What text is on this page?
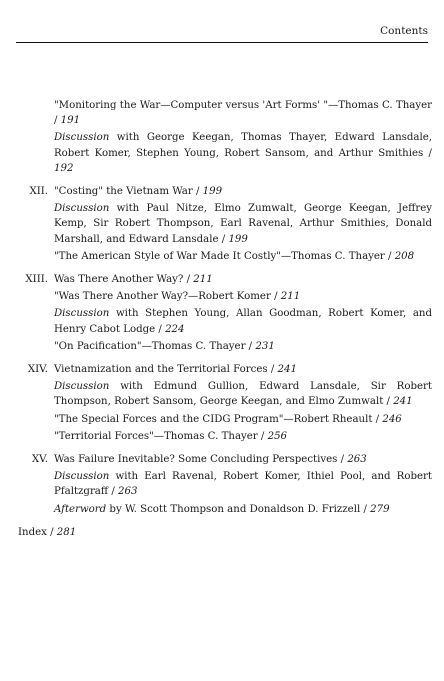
Contents

"Monitoring the War—Computer versus 'Art Forms' "—Thomas C. Thayer / 191

Discussion with George Keegan, Thomas Thayer, Edward Lansdale, Robert Komer, Stephen Young, Robert Sansom, and Arthur Smithies / 192

XII. "Costing" the Vietnam War / 199

Discussion with Paul Nitze, Elmo Zumwalt, George Keegan, Jeffrey Kemp, Sir Robert Thompson, Earl Ravenal, Arthur Smithies, Donald Marshall, and Edward Lansdale / 199

"The American Style of War Made It Costly"—Thomas C. Thayer / 208

XIII. Was There Another Way? / 211

"Was There Another Way?—Robert Komer / 211

Discussion with Stephen Young, Allan Goodman, Robert Komer, and Henry Cabot Lodge / 224

"On Pacification"—Thomas C. Thayer / 231

XIV. Vietnamization and the Territorial Forces / 241

Discussion with Edmund Gullion, Edward Lansdale, Sir Robert Thompson, Robert Sansom, George Keegan, and Elmo Zumwalt / 241

"The Special Forces and the CIDG Program"—Robert Rheault / 246

"Territorial Forces"—Thomas C. Thayer / 256

XV. Was Failure Inevitable? Some Concluding Perspectives / 263

Discussion with Earl Ravenal, Robert Komer, Ithiel Pool, and Robert Pfaltzgraff / 263

Afterword by W. Scott Thompson and Donaldson D. Frizzell / 279

Index / 281
